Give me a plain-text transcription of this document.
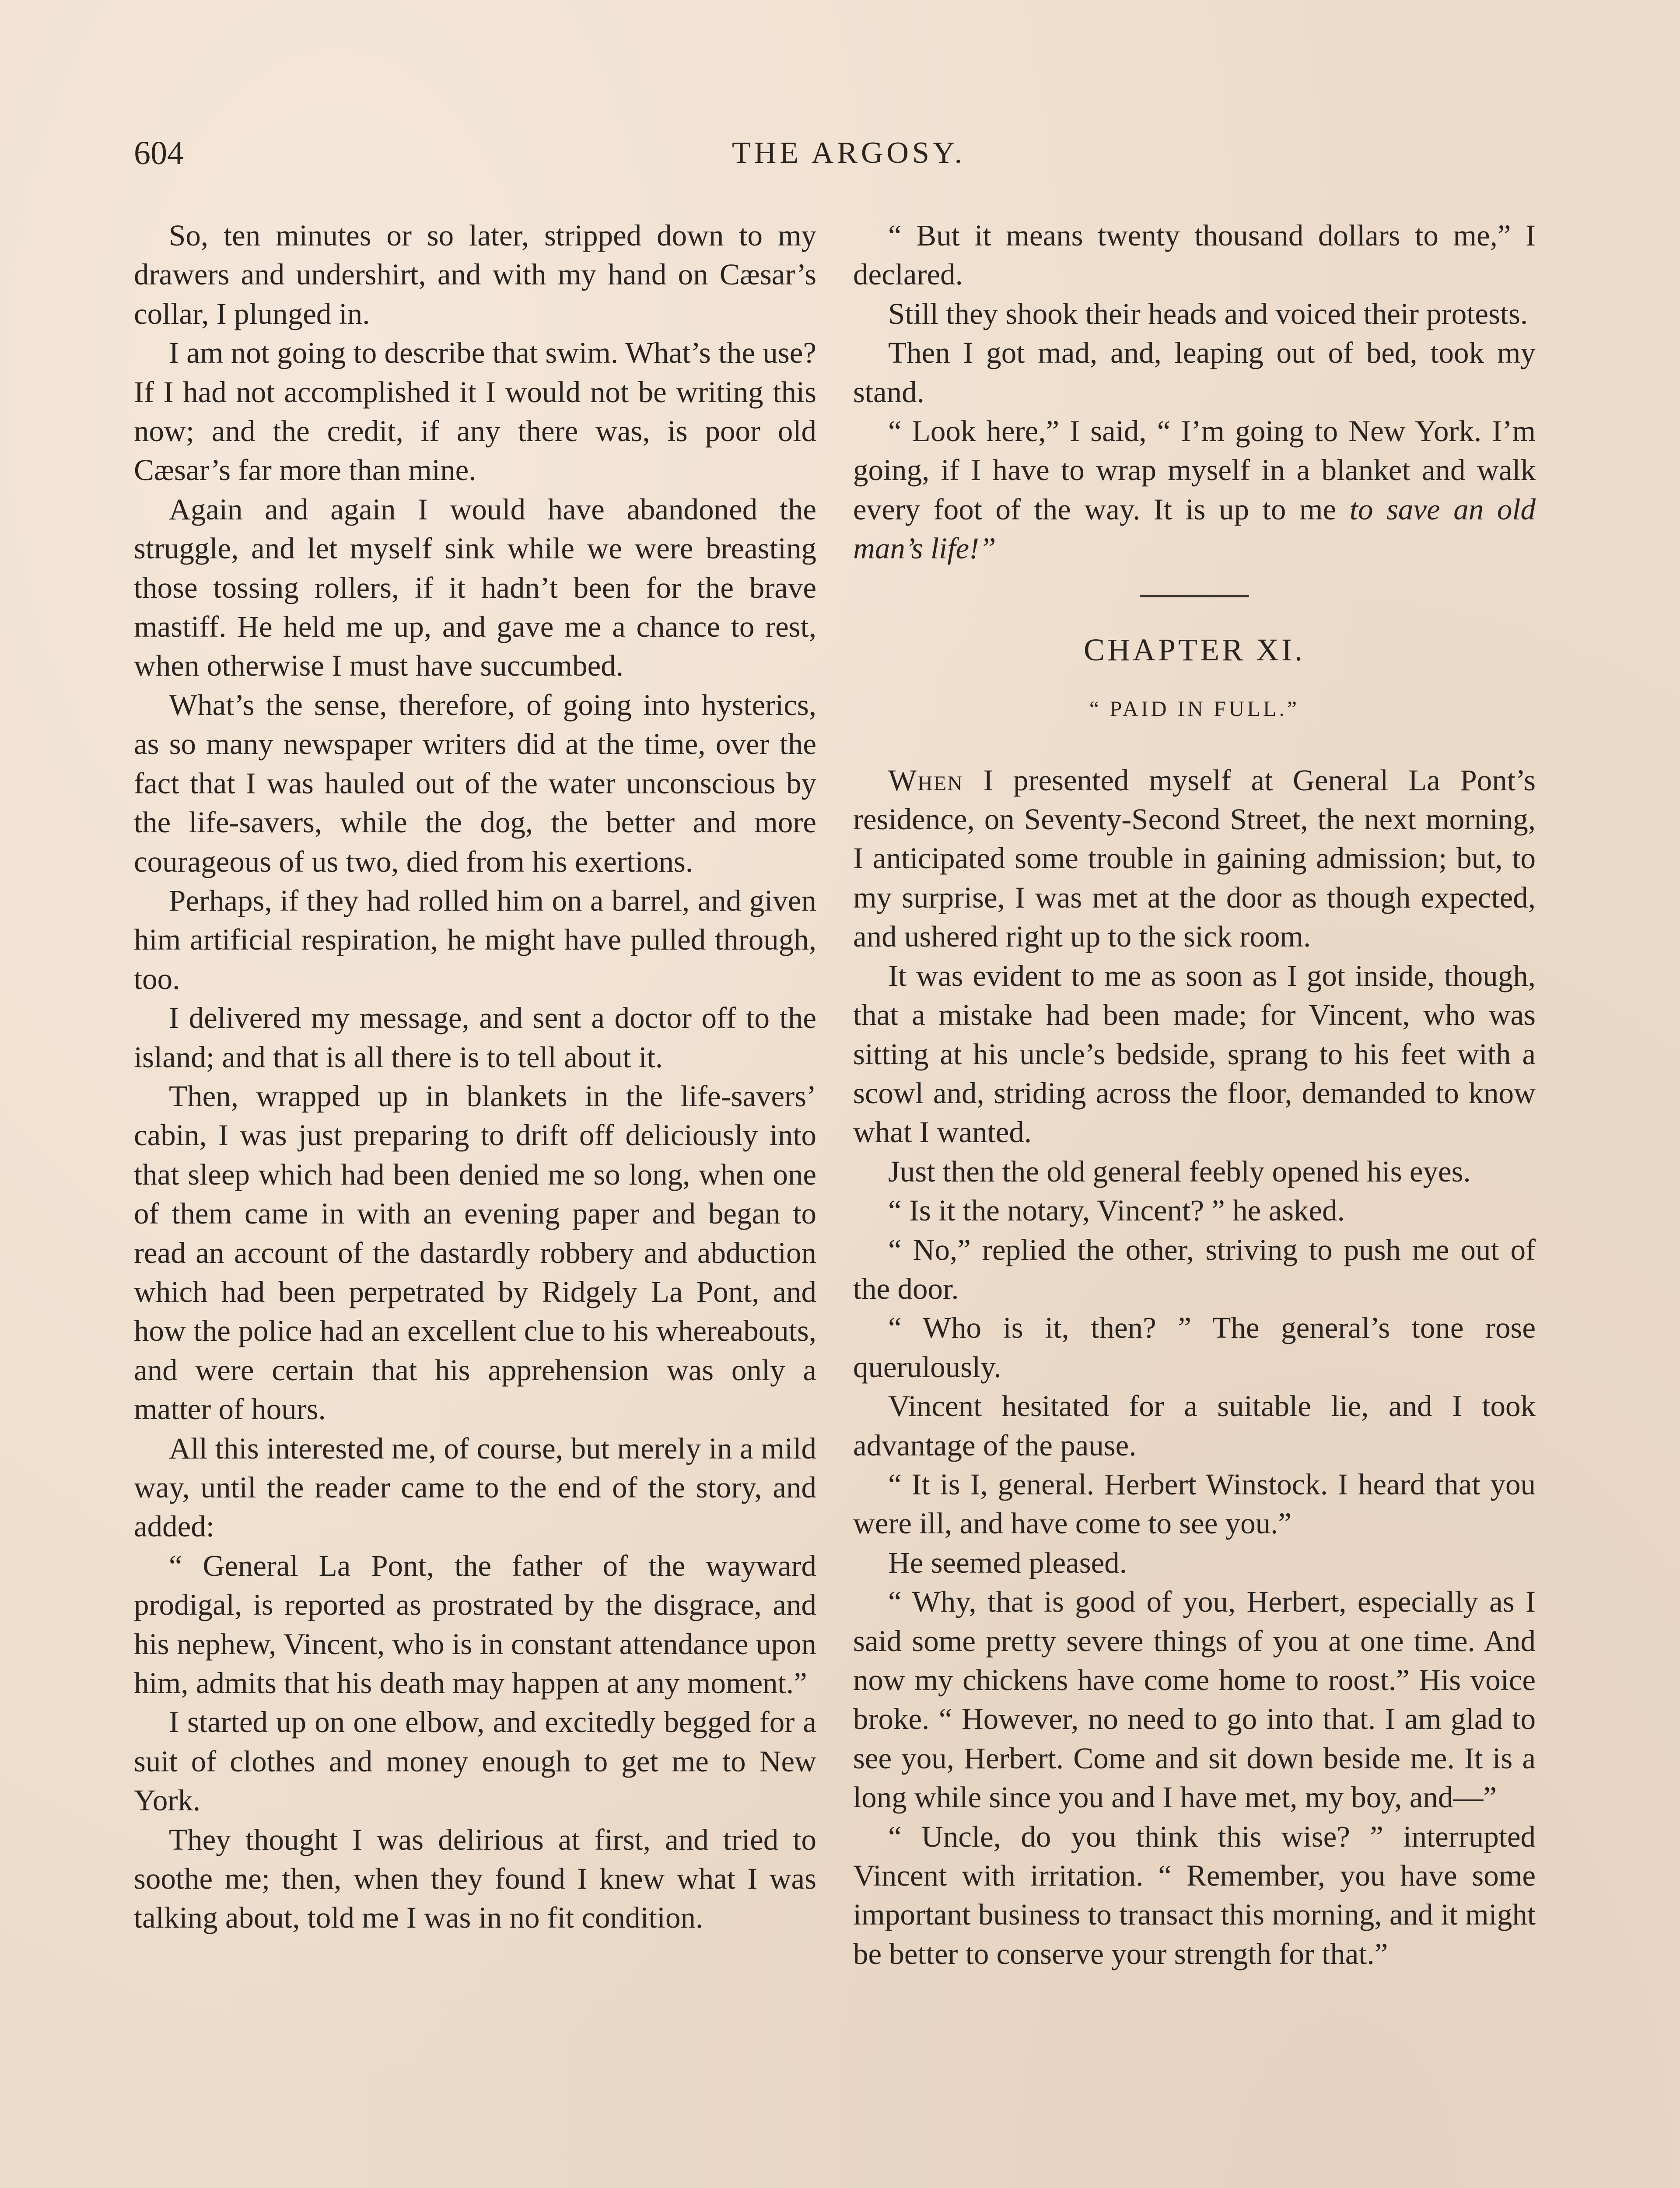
604	THE ARGOSY.

So, ten minutes or so later, stripped down to my drawers and undershirt, and with my hand on Cæsar’s collar, I plunged in.

I am not going to describe that swim. What’s the use? If I had not accomplished it I would not be writing this now; and the credit, if any there was, is poor old Cæsar’s far more than mine.

Again and again I would have abandoned the struggle, and let myself sink while we were breasting those tossing rollers, if it hadn’t been for the brave mastiff. He held me up, and gave me a chance to rest, when otherwise I must have succumbed.

What’s the sense, therefore, of going into hysterics, as so many newspaper writers did at the time, over the fact that I was hauled out of the water unconscious by the life-savers, while the dog, the better and more courageous of us two, died from his exertions.

Perhaps, if they had rolled him on a barrel, and given him artificial respiration, he might have pulled through, too.

I delivered my message, and sent a doctor off to the island; and that is all there is to tell about it.

Then, wrapped up in blankets in the life-savers’ cabin, I was just preparing to drift off deliciously into that sleep which had been denied me so long, when one of them came in with an evening paper and began to read an account of the dastardly robbery and abduction which had been perpetrated by Ridgely La Pont, and how the police had an excellent clue to his whereabouts, and were certain that his apprehension was only a matter of hours.

All this interested me, of course, but merely in a mild way, until the reader came to the end of the story, and added:

“ General La Pont, the father of the wayward prodigal, is reported as prostrated by the disgrace, and his nephew, Vincent, who is in constant attendance upon him, admits that his death may happen at any moment.”

I started up on one elbow, and excitedly begged for a suit of clothes and money enough to get me to New York.

They thought I was delirious at first, and tried to soothe me; then, when they found I knew what I was talking about, told me I was in no fit condition.

“ But it means twenty thousand dollars to me,” I declared.

Still they shook their heads and voiced their protests.

Then I got mad, and, leaping out of bed, took my stand.

“ Look here,” I said, “ I’m going to New York. I’m going, if I have to wrap myself in a blanket and walk every foot of the way. It is up to me to save an old man’s life!”

CHAPTER XI.
“ PAID IN FULL.”

When I presented myself at General La Pont’s residence, on Seventy-Second Street, the next morning, I anticipated some trouble in gaining admission; but, to my surprise, I was met at the door as though expected, and ushered right up to the sick room.

It was evident to me as soon as I got inside, though, that a mistake had been made; for Vincent, who was sitting at his uncle’s bedside, sprang to his feet with a scowl and, striding across the floor, demanded to know what I wanted.

Just then the old general feebly opened his eyes.

“ Is it the notary, Vincent? ” he asked.

“ No,” replied the other, striving to push me out of the door.

“ Who is it, then? ” The general’s tone rose querulously.

Vincent hesitated for a suitable lie, and I took advantage of the pause.

“ It is I, general. Herbert Winstock. I heard that you were ill, and have come to see you.”

He seemed pleased.

“ Why, that is good of you, Herbert, especially as I said some pretty severe things of you at one time. And now my chickens have come home to roost.” His voice broke. “ However, no need to go into that. I am glad to see you, Herbert. Come and sit down beside me. It is a long while since you and I have met, my boy, and—”

“ Uncle, do you think this wise? ” interrupted Vincent with irritation. “ Remember, you have some important business to transact this morning, and it might be better to conserve your strength for that.”
